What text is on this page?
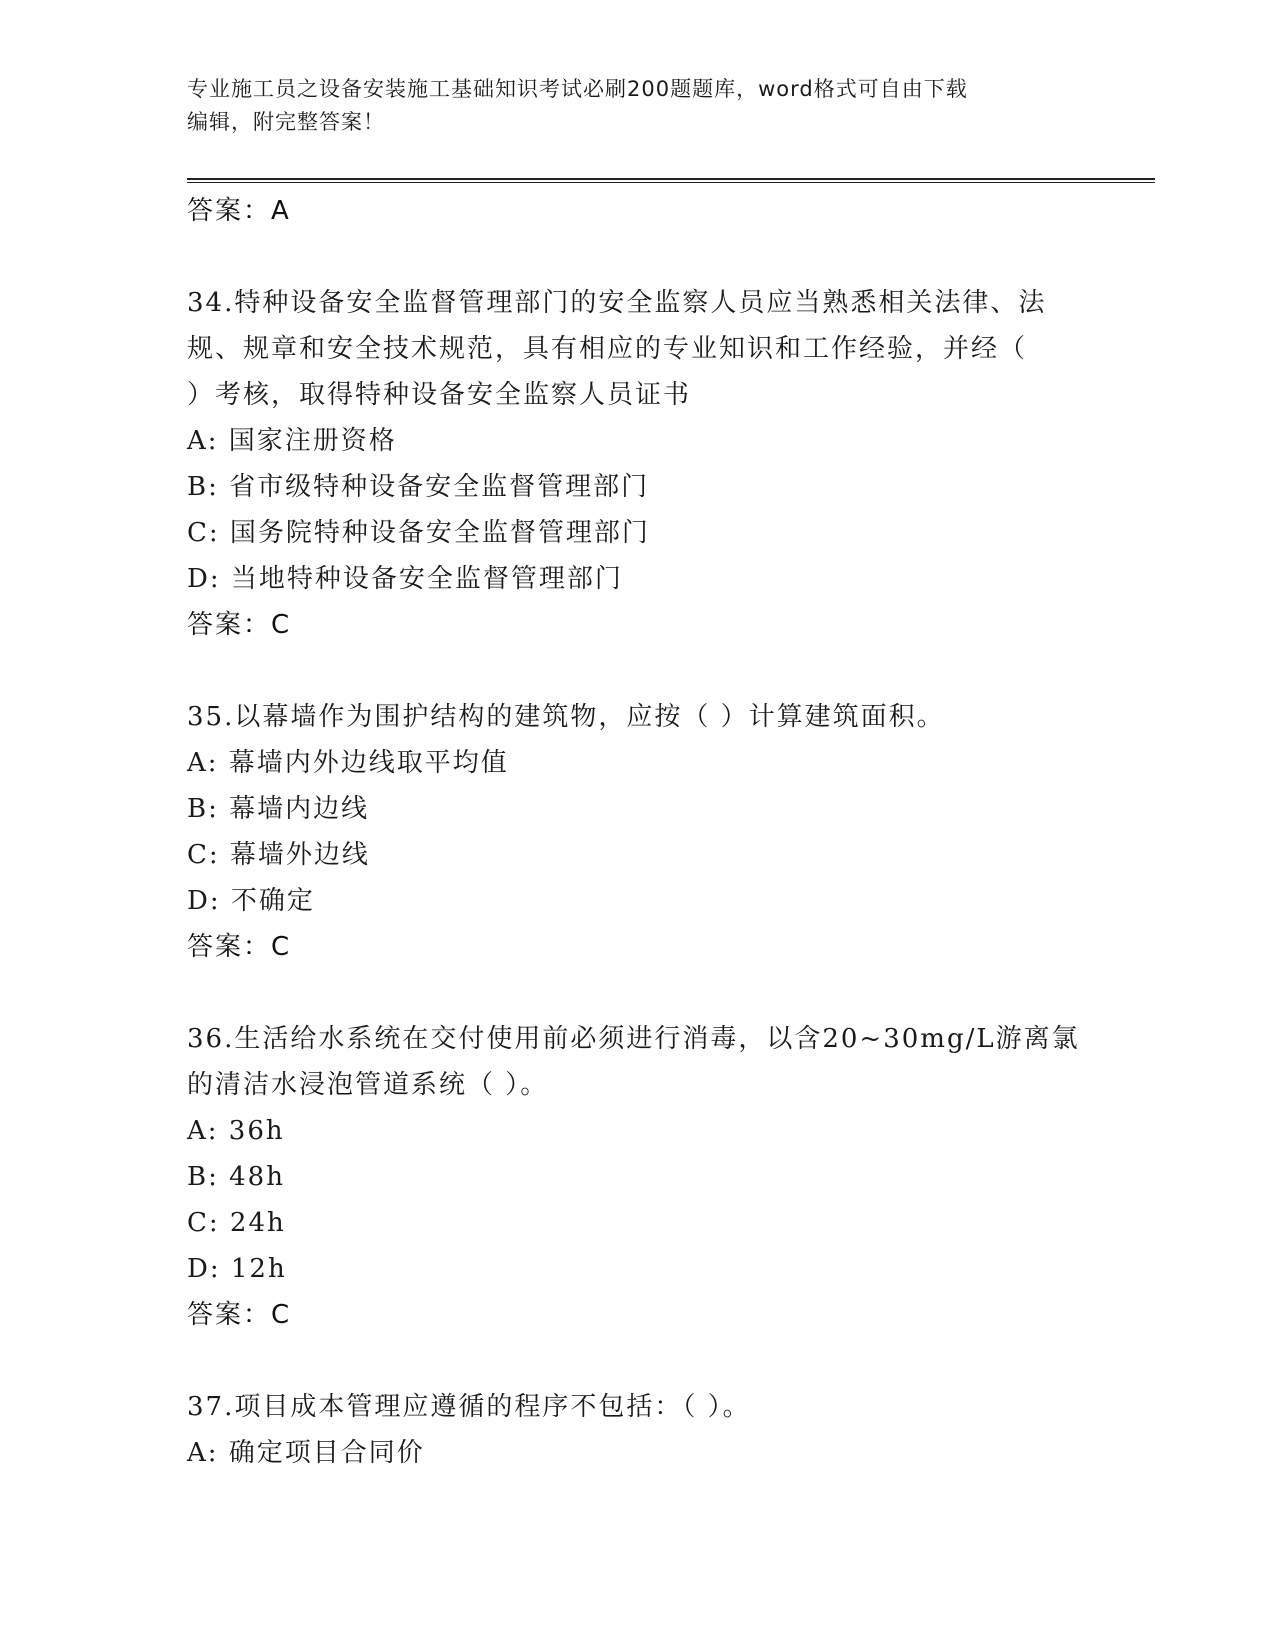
专业施工员之设备安装施工基础知识考试必刷200题题库，word格式可自由下载
编辑，附完整答案！
答案：A
34.特种设备安全监督管理部门的安全监察人员应当熟悉相关法律、法
规、规章和安全技术规范，具有相应的专业知识和工作经验，并经（
）考核，取得特种设备安全监察人员证书
A: 国家注册资格
B: 省市级特种设备安全监督管理部门
C: 国务院特种设备安全监督管理部门
D: 当地特种设备安全监督管理部门
答案：C
35.以幕墙作为围护结构的建筑物，应按（ ）计算建筑面积。
A: 幕墙内外边线取平均值
B: 幕墙内边线
C: 幕墙外边线
D: 不确定
答案：C
36.生活给水系统在交付使用前必须进行消毒，以含20~30mg/L游离氯
的清洁水浸泡管道系统（ ）。
A: 36h
B: 48h
C: 24h
D: 12h
答案：C
37.项目成本管理应遵循的程序不包括：（ ）。
A: 确定项目合同价
